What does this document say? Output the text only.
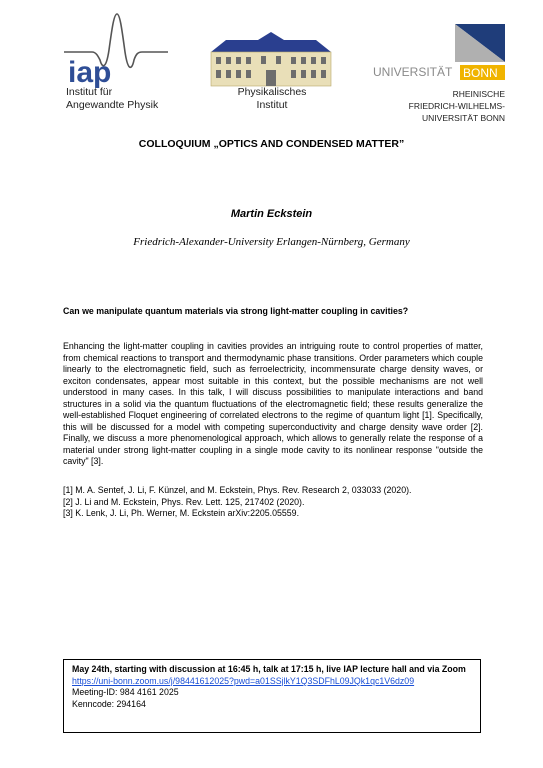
iap
Institut für
Angewandte Physik
Physikalisches
Institut
UNIVERSITÄT BONN
RHEINISCHE
FRIEDRICH-WILHELMS-
UNIVERSITÄT BONN
COLLOQUIUM „OPTICS AND CONDENSED MATTER”
Martin Eckstein
Friedrich-Alexander-University Erlangen-Nürnberg, Germany
Can we manipulate quantum materials via strong light-matter coupling in cavities?
Enhancing the light-matter coupling in cavities provides an intriguing route to control properties of matter, from chemical reactions to transport and thermodynamic phase transitions. Order parameters which couple linearly to the electromagnetic field, such as ferroelectricity, incommensurate charge density waves, or exciton condensates, appear most suitable in this context, but the possible mechanisms are not well understood in many cases. In this talk, I will discuss possibilities to manipulate interactions and band structures in a solid via the quantum fluctuations of the electromagnetic field; these results generalize the well-established Floquet engineering of correlated electrons to the regime of quantum light [1]. Specifically, this will be discussed for a model with competing superconductivity and charge density wave order [2]. Finally, we discuss a more phenomenological approach, which allows to generally relate the response of a material under strong light-matter coupling in a single mode cavity to its nonlinear response "outside the cavity" [3].
[1] M. A. Sentef, J. Li, F. Künzel, and M. Eckstein, Phys. Rev. Research 2, 033033 (2020).
[2] J. Li and M. Eckstein, Phys. Rev. Lett. 125, 217402 (2020).
[3] K. Lenk, J. Li, Ph. Werner, M. Eckstein arXiv:2205.05559.
May 24th, starting with discussion at 16:45 h, talk at 17:15 h, live IAP lecture hall and via Zoom
https://uni-bonn.zoom.us/j/98441612025?pwd=a01SSjlkY1Q3SDFhL09JQk1qc1V6dz09
Meeting-ID: 984 4161 2025
Kenncode: 294164
